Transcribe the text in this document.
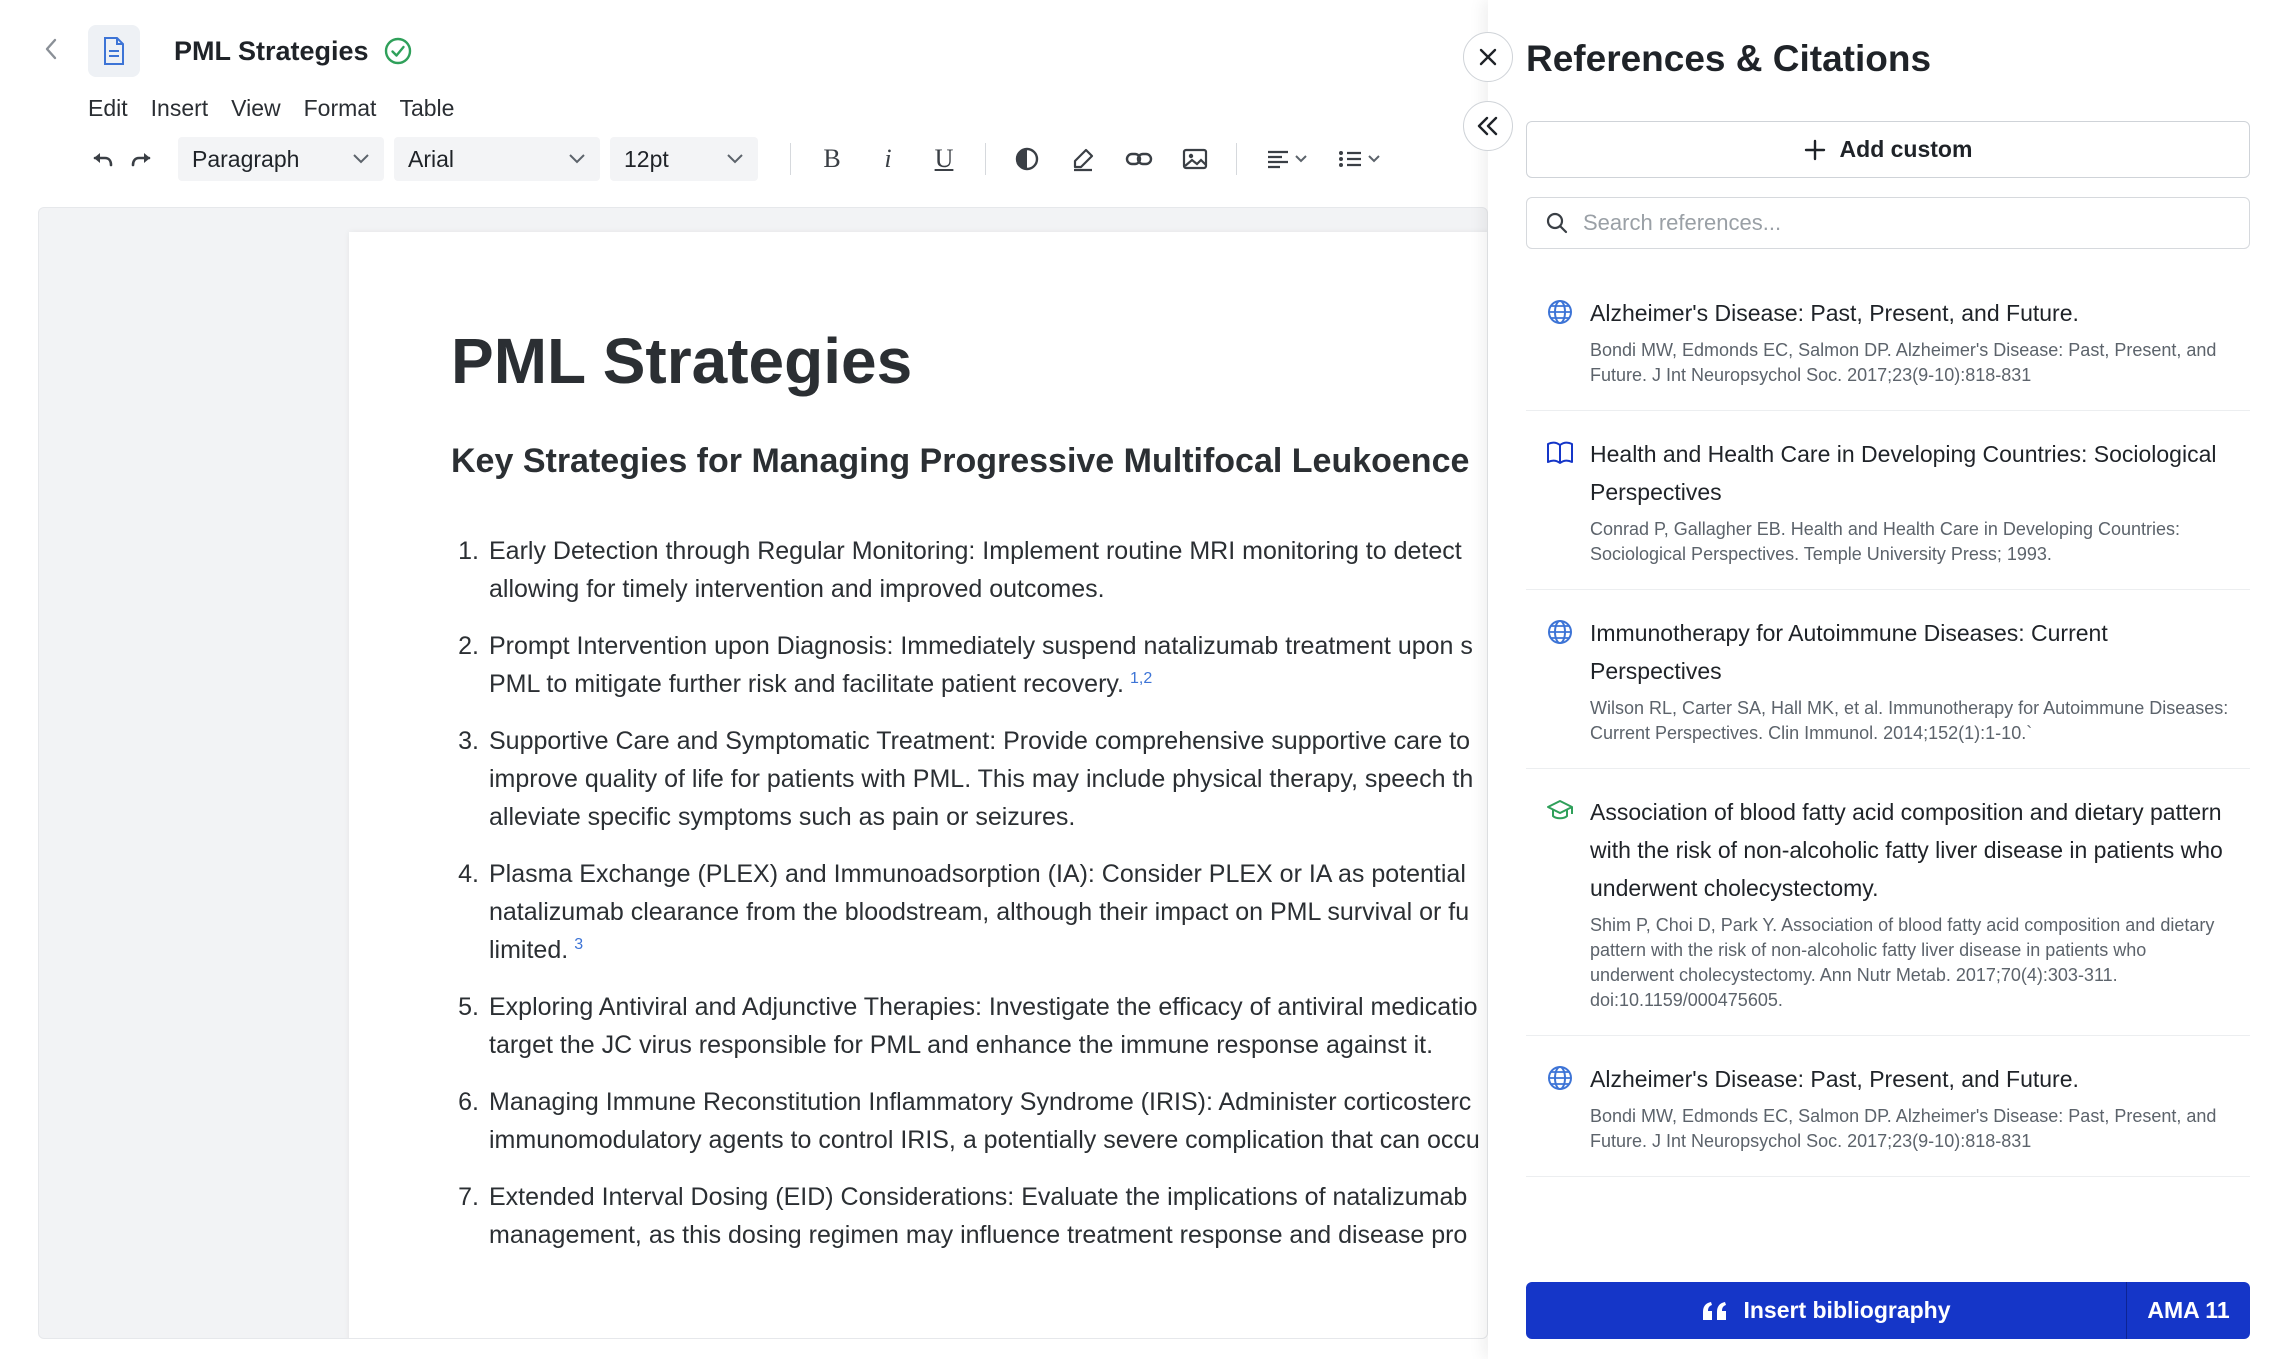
PML Strategies
Edit Insert View Format Table
Paragraph	Arial	12pt	B i U
PML Strategies
Key Strategies for Managing Progressive Multifocal Leukoence
1. Early Detection through Regular Monitoring: Implement routine MRI monitoring to detect
allowing for timely intervention and improved outcomes.
2. Prompt Intervention upon Diagnosis: Immediately suspend natalizumab treatment upon s
PML to mitigate further risk and facilitate patient recovery. $^{1,2}$
3. Supportive Care and Symptomatic Treatment: Provide comprehensive supportive care to
improve quality of life for patients with PML. This may include physical therapy, speech th
alleviate specific symptoms such as pain or seizures.
4. Plasma Exchange (PLEX) and Immunoadsorption (IA): Consider PLEX or IA as potential
natalizumab clearance from the bloodstream, although their impact on PML survival or fu
limited. $^3$
5. Exploring Antiviral and Adjunctive Therapies: Investigate the efficacy of antiviral medicatio
target the JC virus responsible for PML and enhance the immune response against it.
6. Managing Immune Reconstitution Inflammatory Syndrome (IRIS): Administer corticosterc
immunomodulatory agents to control IRIS, a potentially severe complication that can occu
7. Extended Interval Dosing (EID) Considerations: Evaluate the implications of natalizumab
management, as this dosing regimen may influence treatment response and disease pro
References & Citations
Add custom
Search references...
Alzheimer's Disease: Past, Present, and Future.
Bondi MW, Edmonds EC, Salmon DP. Alzheimer's Disease: Past, Present, and Future. J Int Neuropsychol Soc. 2017;23(9-10):818-831
Health and Health Care in Developing Countries: Sociological Perspectives
Conrad P, Gallagher EB. Health and Health Care in Developing Countries: Sociological Perspectives. Temple University Press; 1993.
Immunotherapy for Autoimmune Diseases: Current Perspectives
Wilson RL, Carter SA, Hall MK, et al. Immunotherapy for Autoimmune Diseases: Current Perspectives. Clin Immunol. 2014;152(1):1-10.`
Association of blood fatty acid composition and dietary pattern with the risk of non-alcoholic fatty liver disease in patients who underwent cholecystectomy.
Shim P, Choi D, Park Y. Association of blood fatty acid composition and dietary pattern with the risk of non-alcoholic fatty liver disease in patients who underwent cholecystectomy. Ann Nutr Metab. 2017;70(4):303-311. doi:10.1159/000475605.
Alzheimer's Disease: Past, Present, and Future.
Bondi MW, Edmonds EC, Salmon DP. Alzheimer's Disease: Past, Present, and Future. J Int Neuropsychol Soc. 2017;23(9-10):818-831
Insert bibliography	AMA 11
